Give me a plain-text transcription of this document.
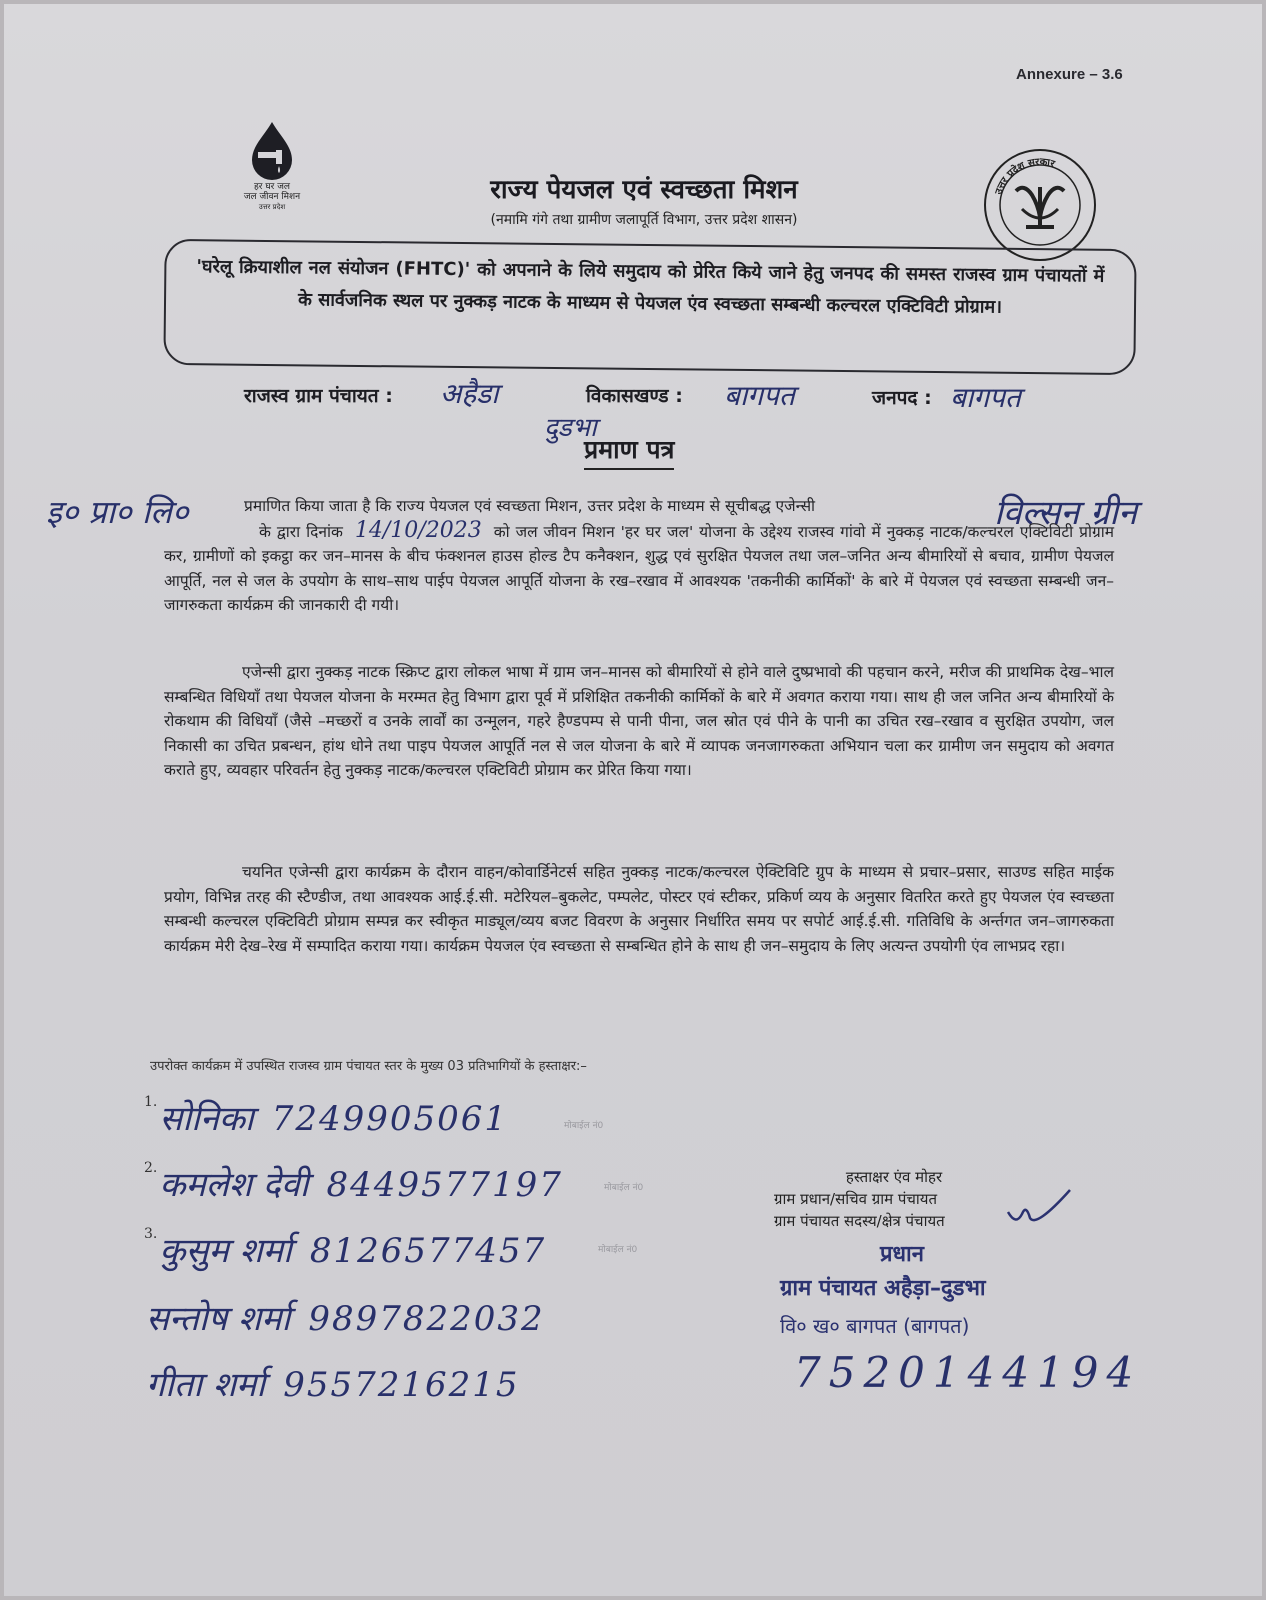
Annexure – 3.6
हर घर जल
जल जीवन मिशन
उत्तर प्रदेश
उत्तर प्रदेश सरकार
राज्य पेयजल एवं स्वच्छता मिशन
(नमामि गंगे तथा ग्रामीण जलापूर्ति विभाग, उत्तर प्रदेश शासन)

'घरेलू क्रियाशील नल संयोजन (FHTC)' को अपनाने के लिये समुदाय को प्रेरित किये जाने हेतु जनपद की समस्त राजस्व ग्राम पंचायतों में के सार्वजनिक स्थल पर नुक्कड़ नाटक के माध्यम से पेयजल एंव स्वच्छता सम्बन्धी कल्चरल एक्टिविटी प्रोग्राम।

राजस्व ग्राम पंचायत : अहैडा	विकासखण्ड : बागपत	जनपद : बागपत
दुडभा
प्रमाण पत्र
इ० प्रा० लि०	विल्सन ग्रीन
प्रमाणित किया जाता है कि राज्य पेयजल एवं स्वच्छता मिशन, उत्तर प्रदेश के माध्यम से सूचीबद्ध एजेन्सी
के द्वारा दिनांक 14/10/2023 को जल जीवन मिशन 'हर घर जल' योजना के उद्देश्य राजस्व गांवो में नुक्कड़ नाटक/कल्चरल एक्टिविटी प्रोग्राम कर, ग्रामीणों को इकट्ठा कर जन–मानस के बीच फंक्शनल हाउस होल्ड टैप कनैक्शन, शुद्ध एवं सुरक्षित पेयजल तथा जल–जनित अन्य बीमारियों से बचाव, ग्रामीण पेयजल आपूर्ति, नल से जल के उपयोग के साथ–साथ पाईप पेयजल आपूर्ति योजना के रख–रखाव में आवश्यक 'तकनीकी कार्मिकों' के बारे में पेयजल एवं स्वच्छता सम्बन्धी जन–जागरुकता कार्यक्रम की जानकारी दी गयी।
एजेन्सी द्वारा नुक्कड़ नाटक स्क्रिप्ट द्वारा लोकल भाषा में ग्राम जन–मानस को बीमारियों से होने वाले दुष्प्रभावो की पहचान करने, मरीज की प्राथमिक देख–भाल सम्बन्धित विधियाँ तथा पेयजल योजना के मरम्मत हेतु विभाग द्वारा पूर्व में प्रशिक्षित तकनीकी कार्मिकों के बारे में अवगत कराया गया। साथ ही जल जनित अन्य बीमारियों के रोकथाम की विधियाँ (जैसे –मच्छरों व उनके लार्वों का उन्मूलन, गहरे हैण्डपम्प से पानी पीना, जल स्रोत एवं पीने के पानी का उचित रख–रखाव व सुरक्षित उपयोग, जल निकासी का उचित प्रबन्धन, हांथ धोने तथा पाइप पेयजल आपूर्ति नल से जल योजना के बारे में व्यापक जनजागरुकता अभियान चला कर ग्रामीण जन समुदाय को अवगत कराते हुए, व्यवहार परिवर्तन हेतु नुक्कड़ नाटक/कल्चरल एक्टिविटी प्रोग्राम कर प्रेरित किया गया।
चयनित एजेन्सी द्वारा कार्यक्रम के दौरान वाहन/कोवार्डिनेटर्स सहित नुक्कड़ नाटक/कल्चरल ऐक्टिविटि ग्रुप के माध्यम से प्रचार–प्रसार, साउण्ड सहित माईक प्रयोग, विभिन्न तरह की स्टैण्डीज, तथा आवश्यक आई.ई.सी. मटेरियल–बुकलेट, पम्पलेट, पोस्टर एवं स्टीकर, प्रकिर्ण व्यय के अनुसार वितरित करते हुए पेयजल एंव स्वच्छता सम्बन्धी कल्चरल एक्टिविटी प्रोग्राम सम्पन्न कर स्वीकृत माड्यूल/व्यय बजट विवरण के अनुसार निर्धारित समय पर सपोर्ट आई.ई.सी. गतिविधि के अर्न्तगत जन–जागरुकता कार्यक्रम मेरी देख–रेख में सम्पादित कराया गया। कार्यक्रम पेयजल एंव स्वच्छता से सम्बन्धित होने के साथ ही जन–समुदाय के लिए अत्यन्त उपयोगी एंव लाभप्रद रहा।
उपरोक्त कार्यक्रम में उपस्थित राजस्व ग्राम पंचायत स्तर के मुख्य 03 प्रतिभागियों के हस्ताक्षर:–
मोबाईल नं0
मोबाईल नं0
मोबाईल नं0
$^{1.}$सोनिका 7249905061
$^{2.}$कमलेश देवी 8449577197
$^{3.}$कुसुम शर्मा 8126577457
सन्तोष शर्मा 9897822032
गीता शर्मा 9557216215
हस्ताक्षर एंव मोहर
ग्राम प्रधान/सचिव ग्राम पंचायत
ग्राम पंचायत सदस्य/क्षेत्र पंचायत
प्रधान
ग्राम पंचायत अहैड़ा–दुडभा
वि० ख० बागपत (बागपत)
7520144194
